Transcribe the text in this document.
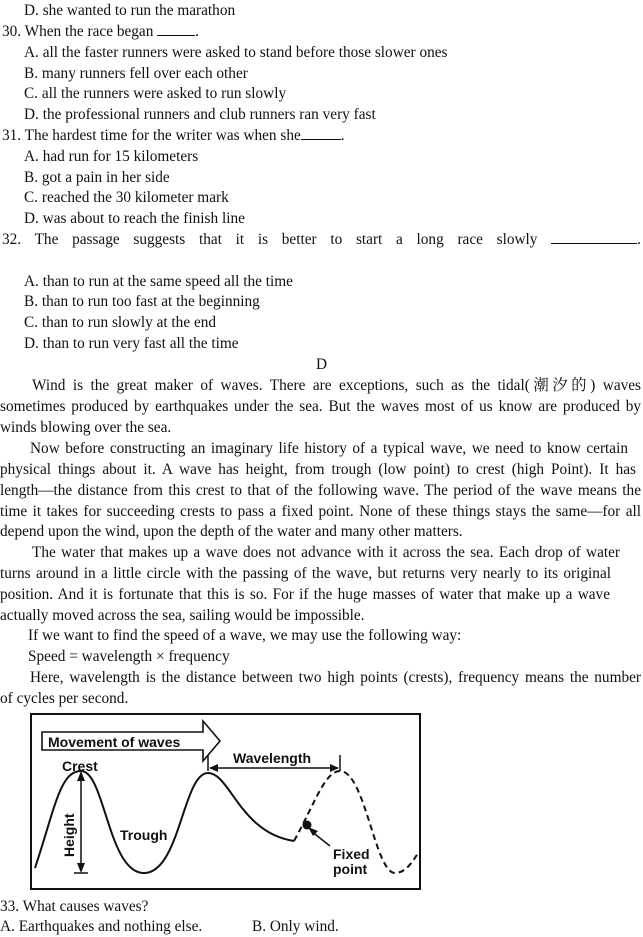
D. she wanted to run the marathon
30. When the race began	.
A. all the faster runners were asked to stand before those slower ones
B. many runners fell over each other
C. all the runners were asked to run slowly
D. the professional runners and club runners ran very fast
31. The hardest time for the writer was when she	.
A. had run for 15 kilometers
B. got a pain in her side
C. reached the 30 kilometer mark
D. was about to reach the finish line
32. The passage suggests that it is better to start a long race slowly	.
A. than to run at the same speed all the time
B. than to run too fast at the beginning
C. than to run slowly at the end
D. than to run very fast all the time
D
Wind is the great maker of waves. There are exceptions, such as the tidal(潮汐的) waves
sometimes produced by earthquakes under the sea. But the waves most of us know are produced by
winds blowing over the sea.
Now before constructing an imaginary life history of a typical wave, we need to know certain
physical things about it. A wave has height, from trough (low point) to crest (high Point). It has
length—the distance from this crest to that of the following wave. The period of the wave means the
time it takes for succeeding crests to pass a fixed point. None of these things stays the same—for all
depend upon the wind, upon the depth of the water and many other matters.
The water that makes up a wave does not advance with it across the sea. Each drop of water
turns around in a little circle with the passing of the wave, but returns very nearly to its original
position. And it is fortunate that this is so. For if the huge masses of water that make up a wave
actually moved across the sea, sailing would be impossible.
If we want to find the speed of a wave, we may use the following way:
Speed = wavelength × frequency
Here, wavelength is the distance between two high points (crests), frequency means the number
of cycles per second.
Movement of waves
Height
Crest
Trough
Wavelength
Fixed
point
33. What causes waves?
A. Earthquakes and nothing else.	B. Only wind.
